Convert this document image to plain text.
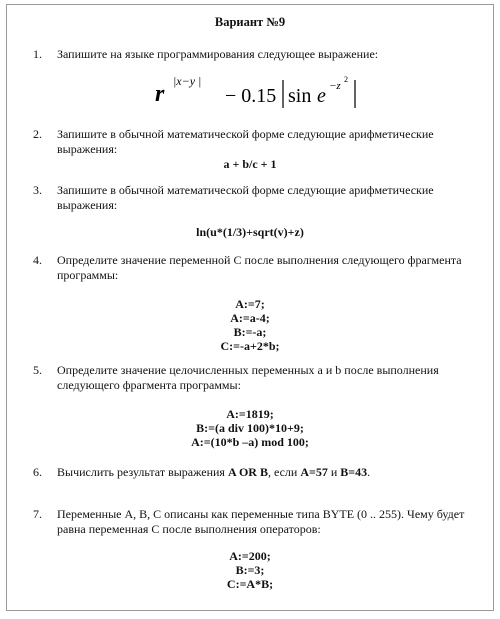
Вариант №9
1. Запишите на языке программирования следующее выражение:
r |x−y |
− 0.15 sin e −z
2
2. Запишите в обычной математической форме следующие арифметические выражения:
a + b/c + 1
3. Запишите в обычной математической форме следующие арифметические выражения:
ln(u*(1/3)+sqrt(v)+z)
4. Определите значение переменной С после выполнения следующего фрагмента программы:
A:=7;
A:=a-4;
B:=-a;
C:=-a+2*b;
5. Определите значение целочисленных переменных a и b после выполнения следующего фрагмента программы:
A:=1819;
B:=(a div 100)*10+9;
A:=(10*b –a) mod 100;
6. Вычислить результат выражения A OR B, если A=57 и B=43.
7. Переменные A, B, C описаны как переменные типа BYTE (0 .. 255). Чему будет равна переменная C после выполнения операторов:
A:=200;
B:=3;
C:=A*B;
